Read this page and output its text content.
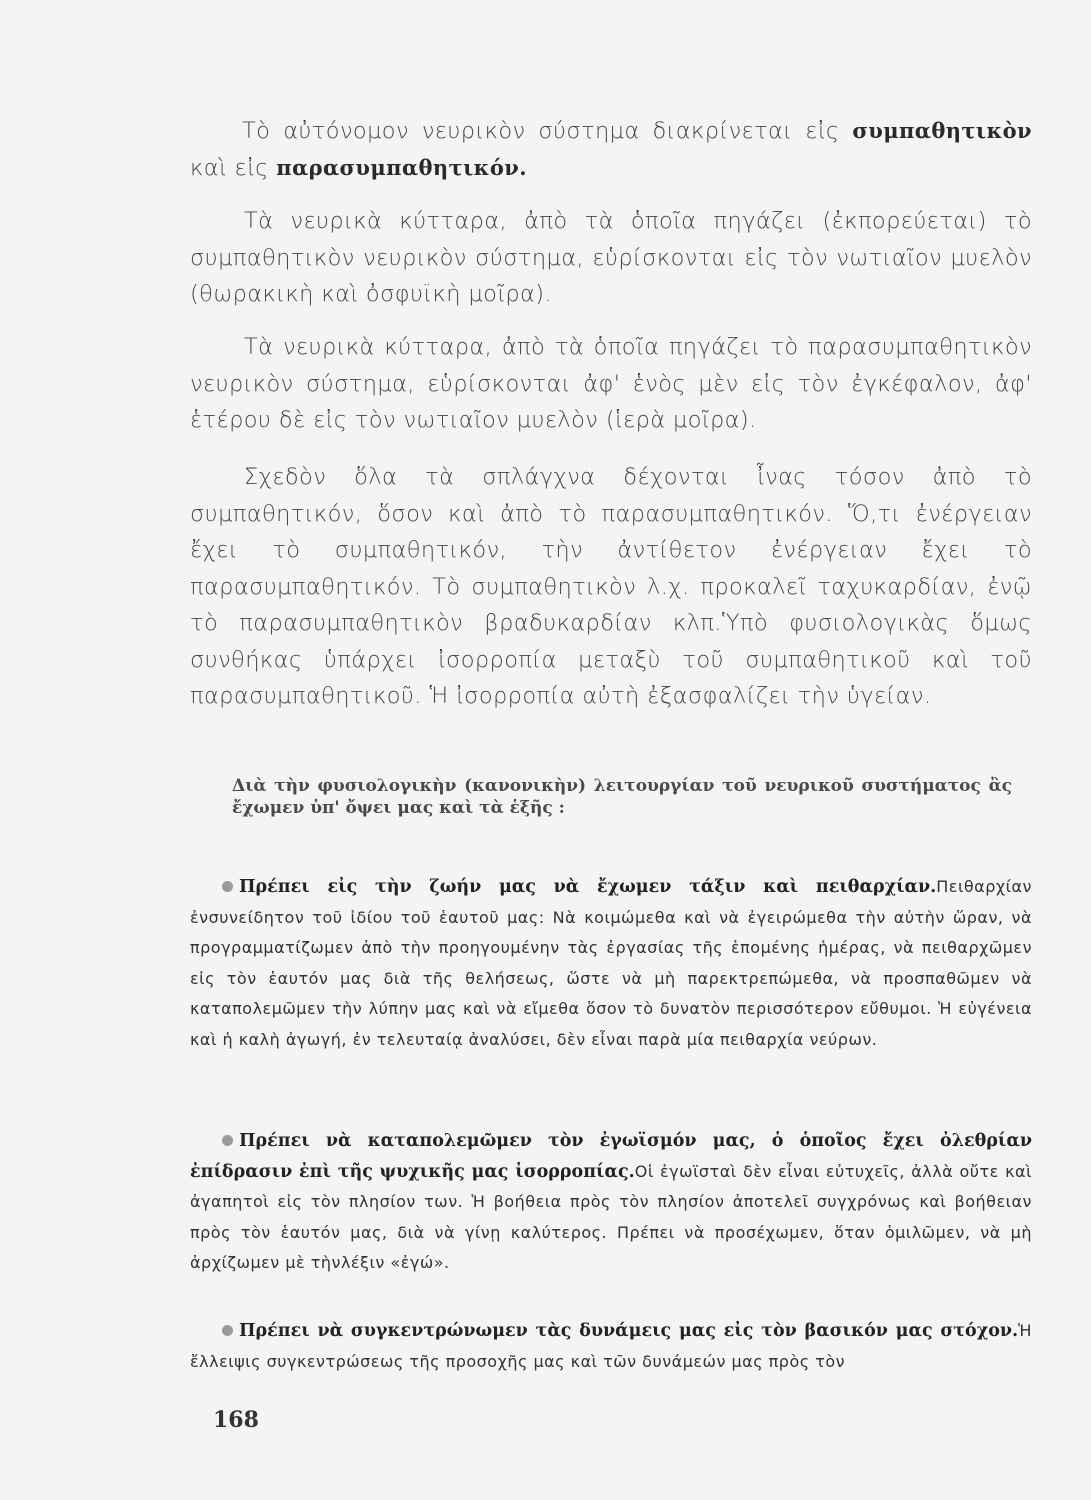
Τὸ αὐτόνομον νευρικὸν σύστημα διακρίνεται εἰς συμπαθητικὸν καὶ εἰς παρασυμπαθητικόν.

Τὰ νευρικὰ κύτταρα, ἀπὸ τὰ ὁποῖα πηγάζει (ἐκπορεύεται) τὸ συμπαθητικὸν νευρικὸν σύστημα, εὑρίσκονται εἰς τὸν νωτιαῖον μυελὸν (θωρακικὴ καὶ ὀσφυϊκὴ μοῖρα).

Τὰ νευρικὰ κύτταρα, ἀπὸ τὰ ὁποῖα πηγάζει τὸ παρασυμπαθητικὸν νευρικὸν σύστημα, εὑρίσκονται ἀφ' ἑνὸς μὲν εἰς τὸν ἐγκέφαλον, ἀφ' ἑτέρου δὲ εἰς τὸν νωτιαῖον μυελὸν (ἱερὰ μοῖρα).

Σχεδὸν ὅλα τὰ σπλάγχνα δέχονται ἶνας τόσον ἀπὸ τὸ συμπαθητικόν, ὅσον καὶ ἀπὸ τὸ παρασυμπαθητικόν. Ὅ,τι ἐνέργειαν ἔχει τὸ συμπαθητικόν, τὴν ἀντίθετον ἐνέργειαν ἔχει τὸ παρασυμπαθητικόν. Τὸ συμπαθητικὸν λ.χ. προκαλεῖ ταχυκαρδίαν, ἐνῷ τὸ παρασυμπαθητικὸν βραδυκαρδίαν κλπ.Ὑπὸ φυσιολογικὰς ὅμως συνθήκας ὑπάρχει ἰσορροπία μεταξὺ τοῦ συμπαθητικοῦ καὶ τοῦ παρασυμπαθητικοῦ. Ἡ ἰσορροπία αὐτὴ ἐξασφαλίζει τὴν ὑγείαν.

Διὰ τὴν φυσιολογικὴν (κανονικὴν) λειτουργίαν τοῦ νευρικοῦ συστήματος ἂς ἔχωμεν ὑπ' ὄψει μας καὶ τὰ ἑξῆς :
Πρέπει εἰς τὴν ζωήν μας νὰ ἔχωμεν τάξιν καὶ πειθαρχίαν.Πειθαρχίαν ἐνσυνείδητον τοῦ ἰδίου τοῦ ἑαυτοῦ μας: Νὰ κοιμώμεθα καὶ νὰ ἐγειρώμεθα τὴν αὐτὴν ὥραν, νὰ προγραμματίζωμεν ἀπὸ τὴν προηγουμένην τὰς ἐργασίας τῆς ἑπομένης ἡμέρας, νὰ πειθαρχῶμεν εἰς τὸν ἑαυτόν μας διὰ τῆς θελήσεως, ὥστε νὰ μὴ παρεκτρεπώμεθα, νὰ προσπαθῶμεν νὰ καταπολεμῶμεν τὴν λύπην μας καὶ νὰ εἴμεθα ὅσον τὸ δυνατὸν περισσότερον εὔθυμοι. Ἡ εὐγένεια καὶ ἡ καλὴ ἀγωγή, ἐν τελευταίᾳ ἀναλύσει, δὲν εἶναι παρὰ μία πειθαρχία νεύρων.
Πρέπει νὰ καταπολεμῶμεν τὸν ἐγωϊσμόν μας, ὁ ὁποῖος ἔχει ὀλεθρίαν ἐπίδρασιν ἐπὶ τῆς ψυχικῆς μας ἰσορροπίας.Οἱ ἐγωϊσταὶ δὲν εἶναι εὐτυχεῖς, ἀλλὰ οὔτε καὶ ἀγαπητοὶ εἰς τὸν πλησίον των. Ἡ βοήθεια πρὸς τὸν πλησίον ἀποτελεῖ συγχρόνως καὶ βοήθειαν πρὸς τὸν ἑαυτόν μας, διὰ νὰ γίνῃ καλύτερος. Πρέπει νὰ προσέχωμεν, ὅταν ὁμιλῶμεν, νὰ μὴ ἀρχίζωμεν μὲ τὴνλέξιν «ἐγώ».
Πρέπει νὰ συγκεντρώνωμεν τὰς δυνάμεις μας εἰς τὸν βασικόν μας στόχον.Ἡ ἔλλειψις συγκεντρώσεως τῆς προσοχῆς μας καὶ τῶν δυνάμεών μας πρὸς τὸν
168
